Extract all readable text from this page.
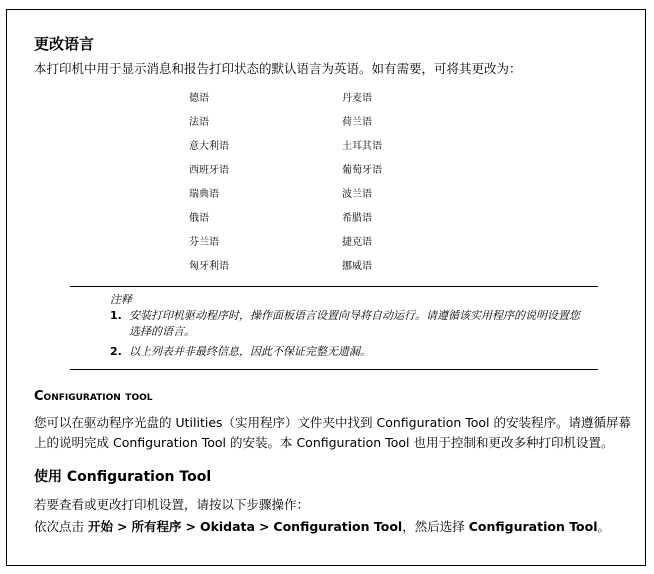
更改语言

本打印机中用于显示消息和报告打印状态的默认语言为英语。如有需要，可将其更改为：

德语
法语
意大利语
西班牙语
瑞典语
俄语
芬兰语
匈牙利语
丹麦语
荷兰语
土耳其语
葡萄牙语
波兰语
希腊语
捷克语
挪威语

注释

1. 安装打印机驱动程序时，操作面板语言设置向导将自动运行。请遵循该实用程序的说明设置您选择的语言。
2. 以上列表并非最终信息，因此不保证完整无遗漏。
Configuration tool

您可以在驱动程序光盘的 Utilities（实用程序）文件夹中找到 Configuration Tool 的安装程序。请遵循屏幕上的说明完成 Configuration Tool 的安装。本 Configuration Tool 也用于控制和更改多种打印机设置。

使用 Configuration Tool

若要查看或更改打印机设置，请按以下步骤操作：

依次点击 开始 > 所有程序 > Okidata > Configuration Tool，然后选择 Configuration Tool。
